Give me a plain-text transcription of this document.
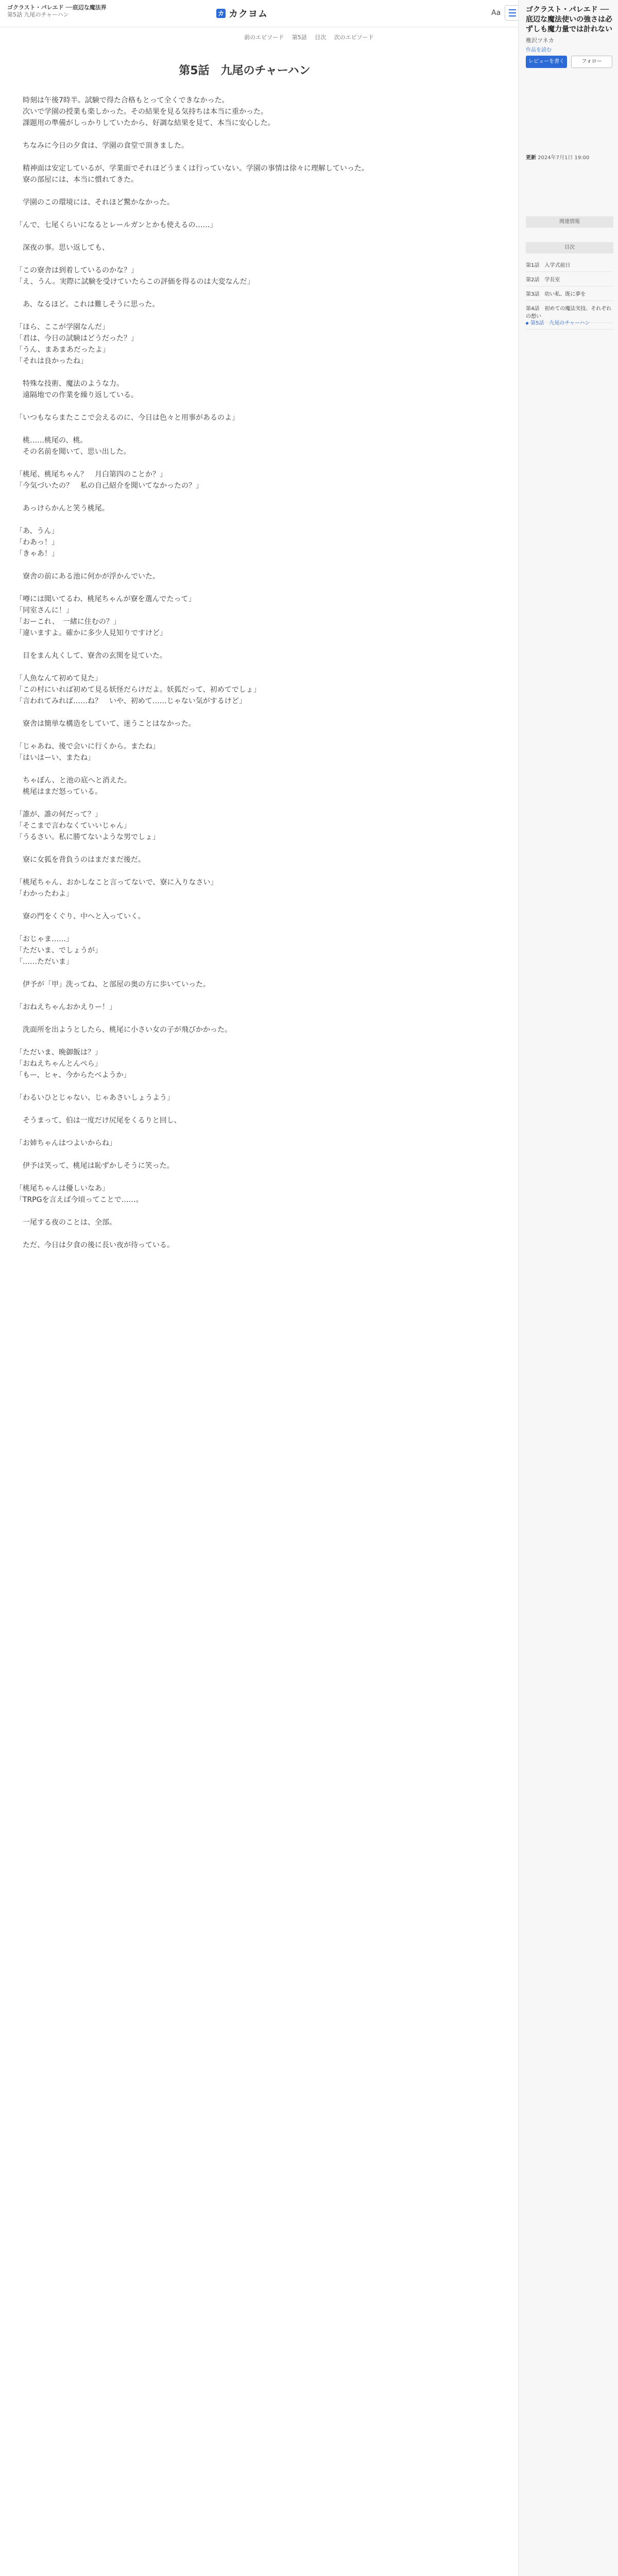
ゴクラスト・パレエド ──底辺な魔法界
第5話 九尾のチャーハン	カ カクヨム	Aa
前のエピソード 第5話 目次 次のエピソード
第5話　九尾のチャーハン

　時刻は午後7時半。試験で得た合格もとって全くできなかった。

　次いで学園の授業も楽しかった。その結果を見る気持ちは本当に重かった。

　課題用の準備がしっかりしていたから、好調な結果を見て、本当に安心した。

　ちなみに今日の夕食は、学園の食堂で頂きました。

　精神面は安定しているが、学業面でそれほどうまくは行っていない。学園の事情は徐々に理解していった。

　寮の部屋には、本当に慣れてきた。

　学園のこの環境には、それほど驚かなかった。

「んで、七尾くらいになるとレールガンとかも使えるの……」

　深夜の事。思い返しても、

「この寮舎は到着しているのかな？」

「え、うん。実際に試験を受けていたらこの評価を得るのは大変なんだ」

　あ、なるほど。これは難しそうに思った。

「ほら、ここが学園なんだ」

「君は、今日の試験はどうだった？」

「うん、まあまあだったよ」

「それは良かったね」

　特殊な技術、魔法のような力。

　遠隔地での作業を繰り返している。

「いつもならまたここで会えるのに、今日は色々と用事があるのよ」

　桃……桃尾の、桃。

　その名前を聞いて、思い出した。

「桃尾、桃尾ちゃん？　月白第四のことか？」

「今気づいたの？　私の自己紹介を聞いてなかったの？」

　あっけらかんと笑う桃尾。

「あ、うん」

「わあっ！」

「きゃあ！」

　寮舎の前にある池に何かが浮かんでいた。

「噂には聞いてるわ、桃尾ちゃんが寮を選んでたって」

「同室さんに！」

「おーこれ、　一緒に住むの？」

「違いますよ。確かに多少人見知りですけど」

　目をまん丸くして、寮舎の玄関を見ていた。

「人魚なんて初めて見た」

「この村にいれば初めて見る妖怪だらけだよ。妖狐だって、初めてでしょ」

「言われてみれば……ね？　いや、初めて……じゃない気がするけど」

　寮舎は簡単な構造をしていて、迷うことはなかった。

「じゃあね、後で会いに行くから。またね」

「はいはーい、またね」

　ちゃぽん、と池の底へと消えた。

　桃尾はまだ怒っている。

「誰が、誰の何だって？」

「そこまで言わなくていいじゃん」

「うるさい。私に勝てないような男でしょ」

　寮に女狐を背負うのはまだまだ後だ。

「桃尾ちゃん、おかしなこと言ってないで、寮に入りなさい」

「わかったわよ」

　寮の門をくぐり、中へと入っていく。

「おじゃま……」

「ただいま、でしょうが」

「……ただいま」

　伊予が「甲」洗ってね、と部屋の奥の方に歩いていった。

「おねえちゃんおかえりー！」

　洗面所を出ようとしたら、桃尾に小さい女の子が飛びかかった。

「ただいま、晩御飯は？」

「おねえちゃんとんぺら」

「もー、ヒャ、今からたべようか」

「わるいひとじゃない、じゃあさいしょうよう」

　そうまって、伯は一度だけ尻尾をくるりと回し、

「お姉ちゃんはつよいからね」

　伊予は笑って、桃尾は恥ずかしそうに笑った。

「桃尾ちゃんは優しいなあ」

「TRPGを言えば今頃ってことで……。

　一尾する夜のことは、全部。

　ただ、今日は夕食の後に長い夜が待っている。

ゴクラスト・パレエド ──底辺な魔法使いの強さは必ずしも魔力量では計れない
椎沢ツネカ
作品を読む
レビューを書く	フォロー
更新 2024年7月1日 19:00
関連情報
目次
第1話　入学式前日
第2話　学長室
第3話　幼い私、既に夢を
第4話　初めての魔法実技、それぞれの想い
第5話　九尾のチャーハン
